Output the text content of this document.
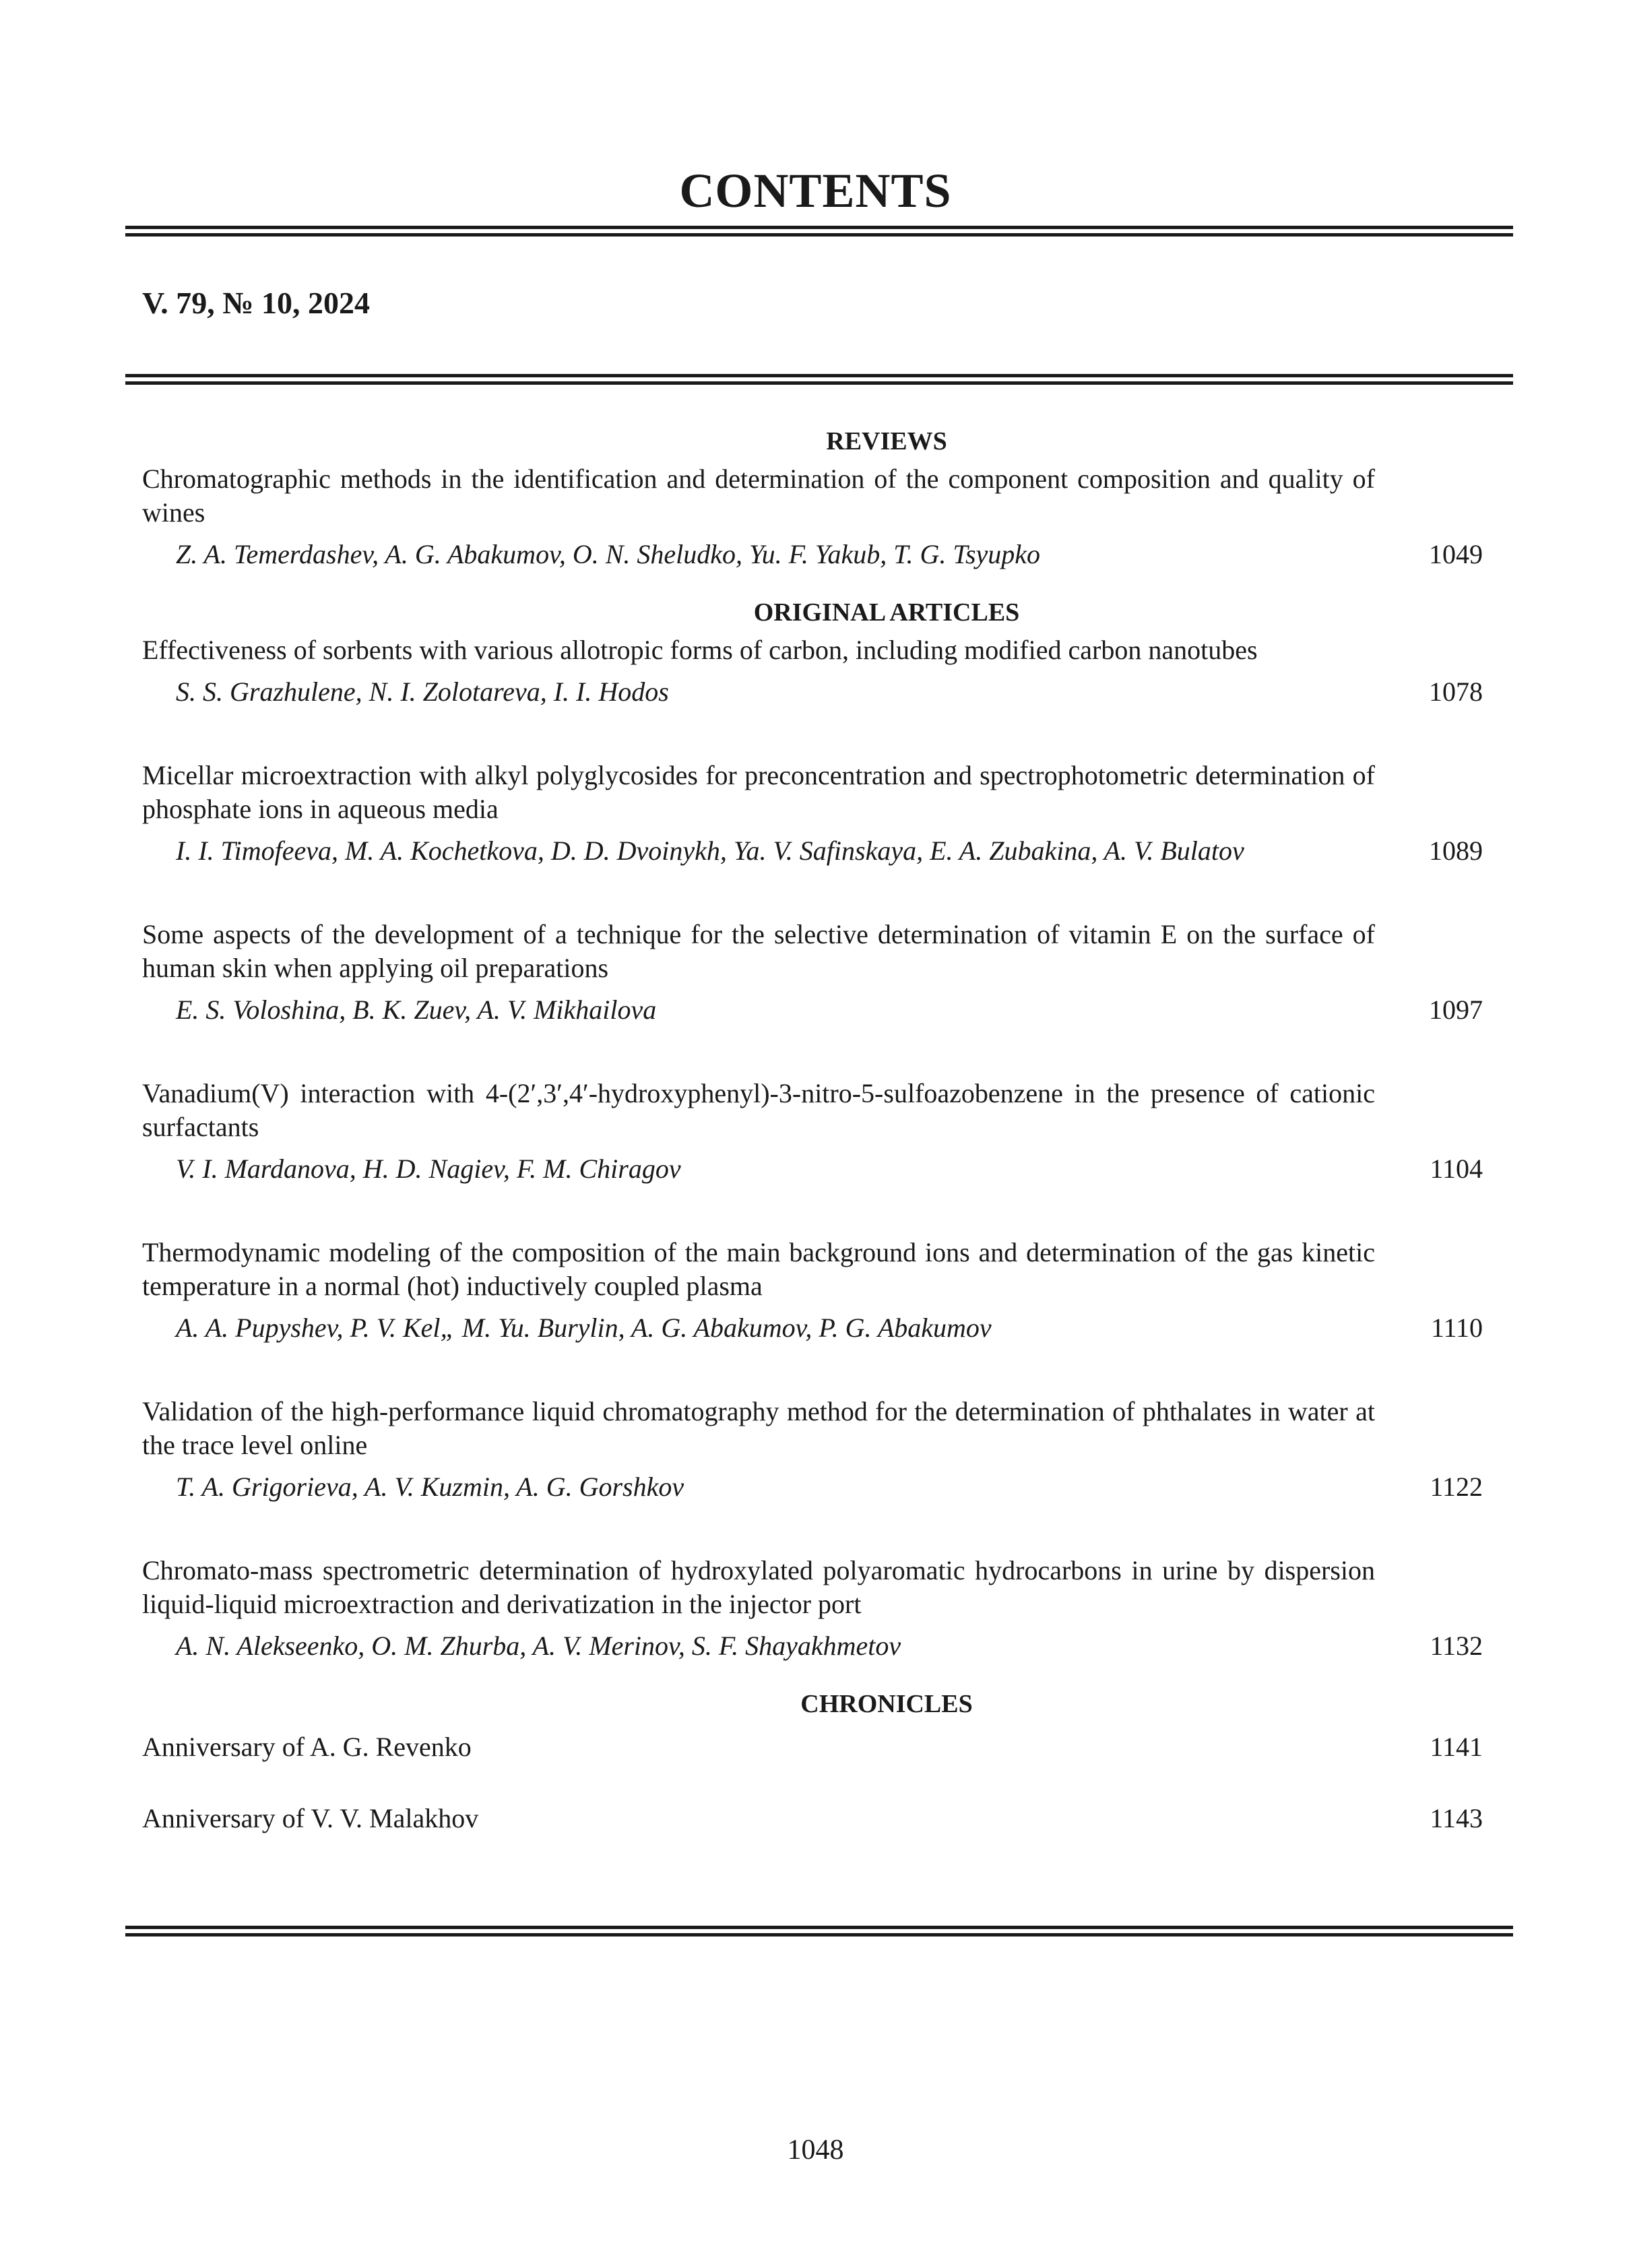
CONTENTS
V. 79, № 10, 2024
REVIEWS
Chromatographic methods in the identification and determination of the component composition and quality of wines
Z. A. Temerdashev, A. G. Abakumov, O. N. Sheludko, Yu. F. Yakub, T. G. Tsyupko	1049
ORIGINAL ARTICLES
Effectiveness of sorbents with various allotropic forms of carbon, including modified carbon nanotubes
S. S. Grazhulene, N. I. Zolotareva, I. I. Hodos	1078
Micellar microextraction with alkyl polyglycosides for preconcentration and spectrophotometric determination of phosphate ions in aqueous media
I. I. Timofeeva, M. A. Kochetkova, D. D. Dvoinykh, Ya. V. Safinskaya, E. A. Zubakina, A. V. Bulatov	1089
Some aspects of the development of a technique for the selective determination of vitamin E on the surface of human skin when applying oil preparations
E. S. Voloshina, B. K. Zuev, A. V. Mikhailova	1097
Vanadium(V) interaction with 4-(2′,3′,4′-hydroxyphenyl)-3-nitro-5-sulfoazobenzene in the presence of cationic surfactants
V. I. Mardanova, H. D. Nagiev, F. M. Chiragov	1104
Thermodynamic modeling of the composition of the main background ions and determination of the gas kinetic temperature in a normal (hot) inductively coupled plasma
A. A. Pupyshev, P. V. Kel„ M. Yu. Burylin, A. G. Abakumov, P. G. Abakumov	1110
Validation of the high-performance liquid chromatography method for the determination of phthalates in water at the trace level online
T. A. Grigorieva, A. V. Kuzmin, A. G. Gorshkov	1122
Chromato-mass spectrometric determination of hydroxylated polyaromatic hydrocarbons in urine by dispersion liquid-liquid microextraction and derivatization in the injector port
A. N. Alekseenko, O. M. Zhurba, A. V. Merinov, S. F. Shayakhmetov	1132
CHRONICLES
Anniversary of A. G. Revenko	1141
Anniversary of V. V. Malakhov	1143
1048
